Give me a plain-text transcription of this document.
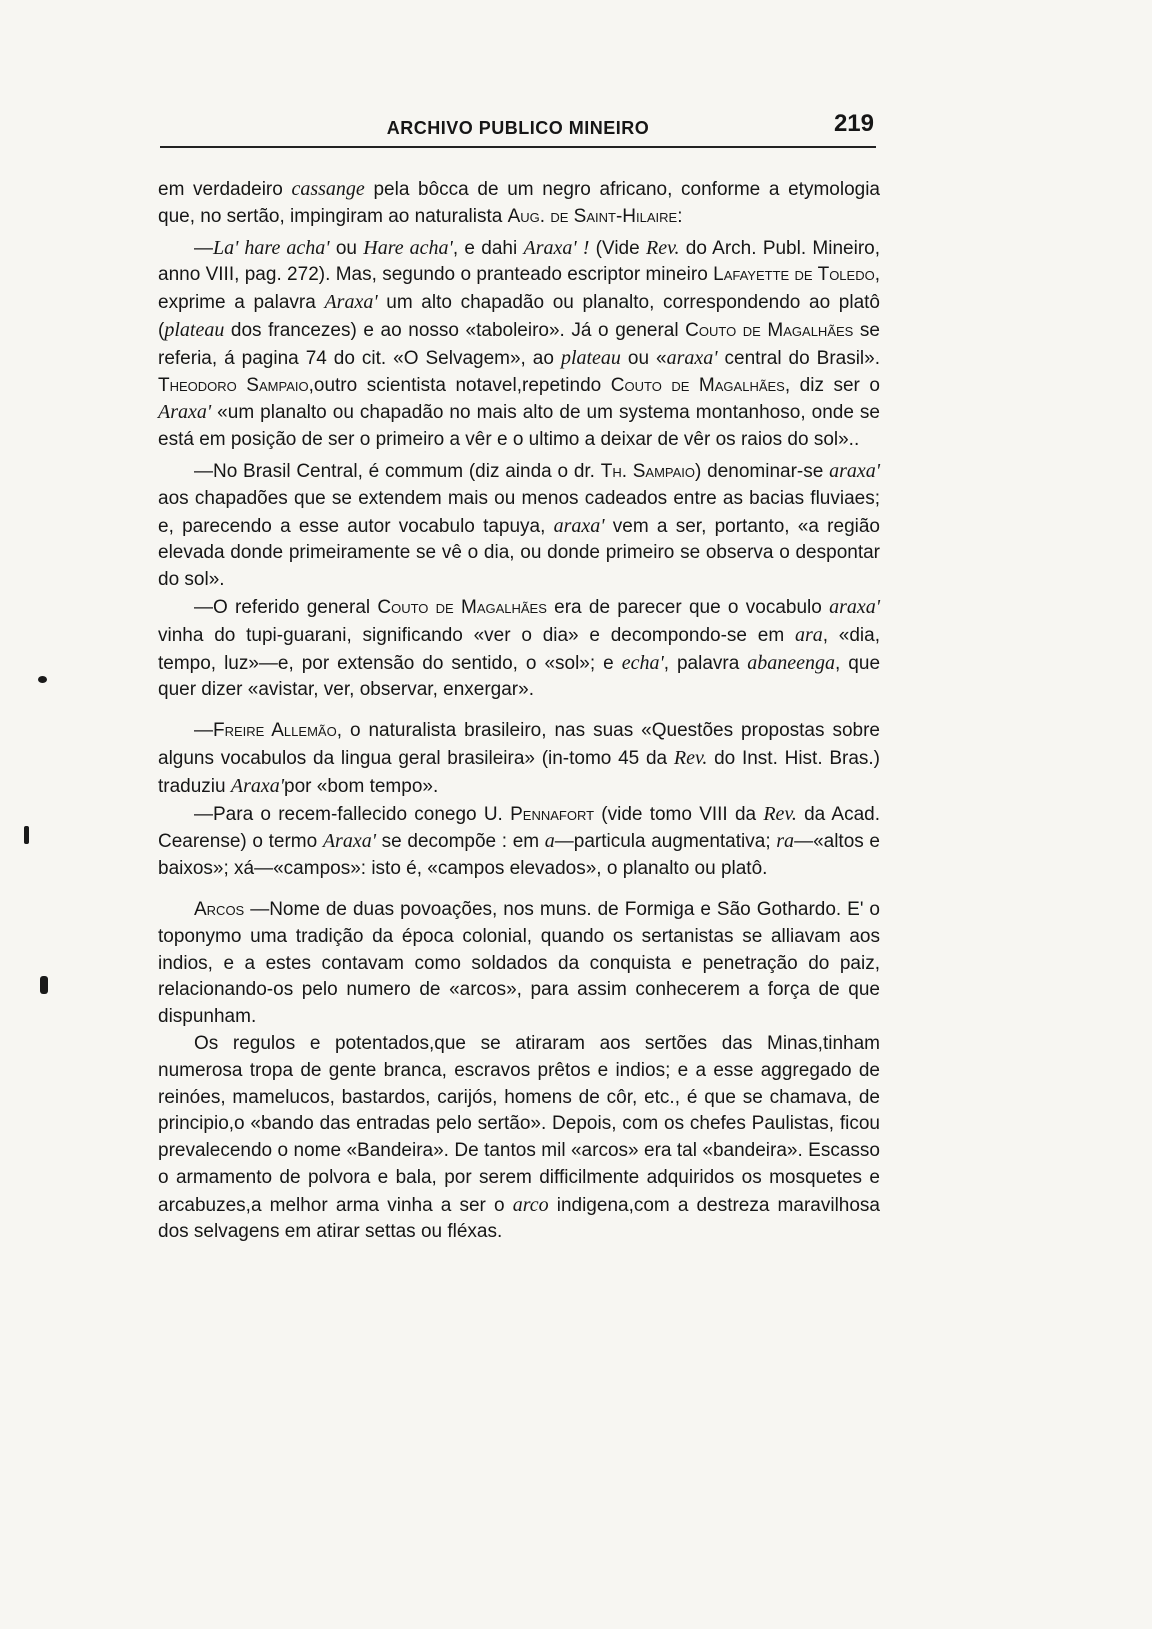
ARCHIVO PUBLICO MINEIRO	219

em verdadeiro cassange pela bôcca de um negro africano, conforme a etymologia que, no sertão, impingiram ao naturalista Aug. de Saint-Hilaire:

—La' hare acha' ou Hare acha', e dahi Araxa' ! (Vide Rev. do Arch. Publ. Mineiro, anno VIII, pag. 272). Mas, segundo o pranteado escriptor mineiro Lafayette de Toledo, exprime a palavra Araxa' um alto chapadão ou planalto, correspondendo ao platô (plateau dos francezes) e ao nosso «taboleiro». Já o general Couto de Magalhães se referia, á pagina 74 do cit. «O Selvagem», ao plateau ou «araxa' central do Brasil». Theodoro Sampaio,outro scientista notavel,repetindo Couto de Magalhães, diz ser o Araxa' «um planalto ou chapadão no mais alto de um systema montanhoso, onde se está em posição de ser o primeiro a vêr e o ultimo a deixar de vêr os raios do sol»..

—No Brasil Central, é commum (diz ainda o dr. Th. Sampaio) denominar-se araxa' aos chapadões que se extendem mais ou menos cadeados entre as bacias fluviaes; e, parecendo a esse autor vocabulo tapuya, araxa' vem a ser, portanto, «a região elevada donde primeiramente se vê o dia, ou donde primeiro se observa o despontar do sol».

—O referido general Couto de Magalhães era de parecer que o vocabulo araxa' vinha do tupi-guarani, significando «ver o dia» e decompondo-se em ara, «dia, tempo, luz»—e, por extensão do sentido, o «sol»; e echa', palavra abaneenga, que quer dizer «avistar, ver, observar, enxergar».

—Freire Allemão, o naturalista brasileiro, nas suas «Questões propostas sobre alguns vocabulos da lingua geral brasileira» (in-tomo 45 da Rev. do Inst. Hist. Bras.) traduziu Araxa'por «bom tempo».

—Para o recem-fallecido conego U. Pennafort (vide tomo VIII da Rev. da Acad. Cearense) o termo Araxa' se decompõe : em a—particula augmentativa; ra—«altos e baixos»; xá—«campos»: isto é, «campos elevados», o planalto ou platô.

Arcos —Nome de duas povoações, nos muns. de Formiga e São Gothardo. E' o toponymo uma tradição da época colonial, quando os sertanistas se alliavam aos indios, e a estes contavam como soldados da conquista e penetração do paiz, relacionando-os pelo numero de «arcos», para assim conhecerem a força de que dispunham.

Os regulos e potentados,que se atiraram aos sertões das Minas,tinham numerosa tropa de gente branca, escravos prêtos e indios; e a esse aggregado de reinóes, mamelucos, bastardos, carijós, homens de côr, etc., é que se chamava, de principio,o «bando das entradas pelo sertão». Depois, com os chefes Paulistas, ficou prevalecendo o nome «Bandeira». De tantos mil «arcos» era tal «bandeira». Escasso o armamento de polvora e bala, por serem difficilmente adquiridos os mosquetes e arcabuzes,a melhor arma vinha a ser o arco indigena,com a destreza maravilhosa dos selvagens em atirar settas ou fléxas.
